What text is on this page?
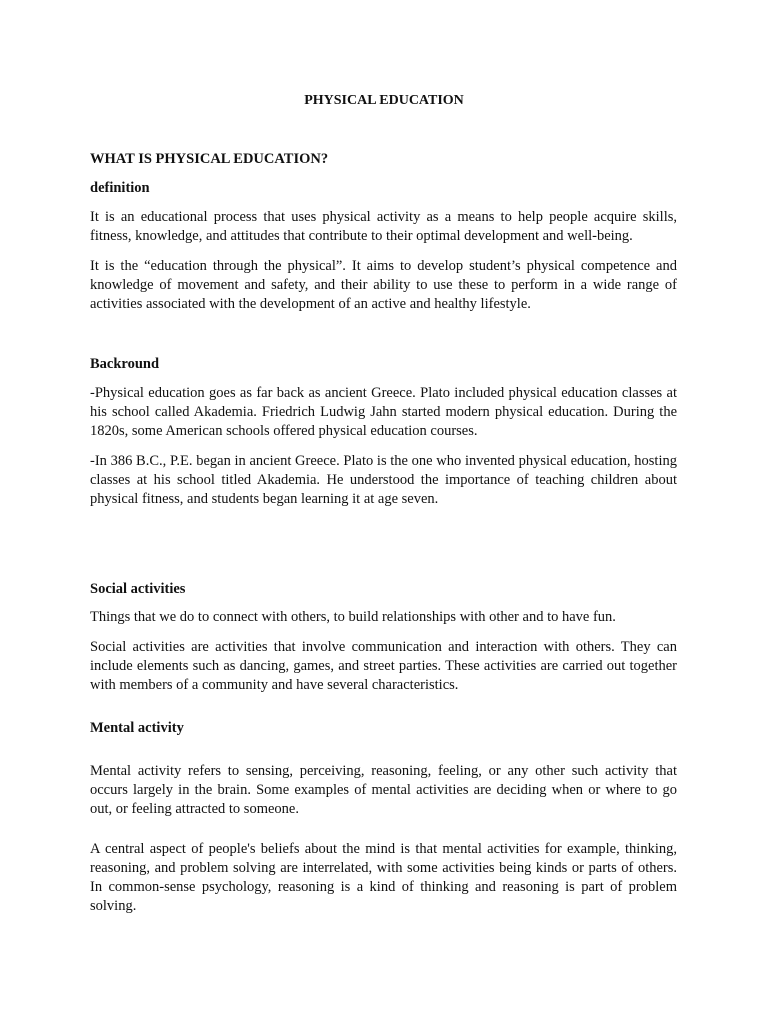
PHYSICAL EDUCATION
WHAT IS PHYSICAL EDUCATION?
definition

It is an educational process that uses physical activity as a means to help people acquire skills, fitness, knowledge, and attitudes that contribute to their optimal development and well-being.

It is the “education through the physical”. It aims to develop student’s physical competence and knowledge of movement and safety, and their ability to use these to perform in a wide range of activities associated with the development of an active and healthy lifestyle.

Backround

-Physical education goes as far back as ancient Greece. Plato included physical education classes at his school called Akademia. Friedrich Ludwig Jahn started modern physical education. During the 1820s, some American schools offered physical education courses.

-In 386 B.C., P.E. began in ancient Greece. Plato is the one who invented physical education, hosting classes at his school titled Akademia. He understood the importance of teaching children about physical fitness, and students began learning it at age seven.

Social activities

Things that we do to connect with others, to build relationships with other and to have fun.

Social activities are activities that involve communication and interaction with others. They can include elements such as dancing, games, and street parties. These activities are carried out together with members of a community and have several characteristics.

Mental activity

Mental activity refers to sensing, perceiving, reasoning, feeling, or any other such activity that occurs largely in the brain. Some examples of mental activities are deciding when or where to go out, or feeling attracted to someone.

A central aspect of people's beliefs about the mind is that mental activities for example, thinking, reasoning, and problem solving are interrelated, with some activities being kinds or parts of others. In common-sense psychology, reasoning is a kind of thinking and reasoning is part of problem solving.
